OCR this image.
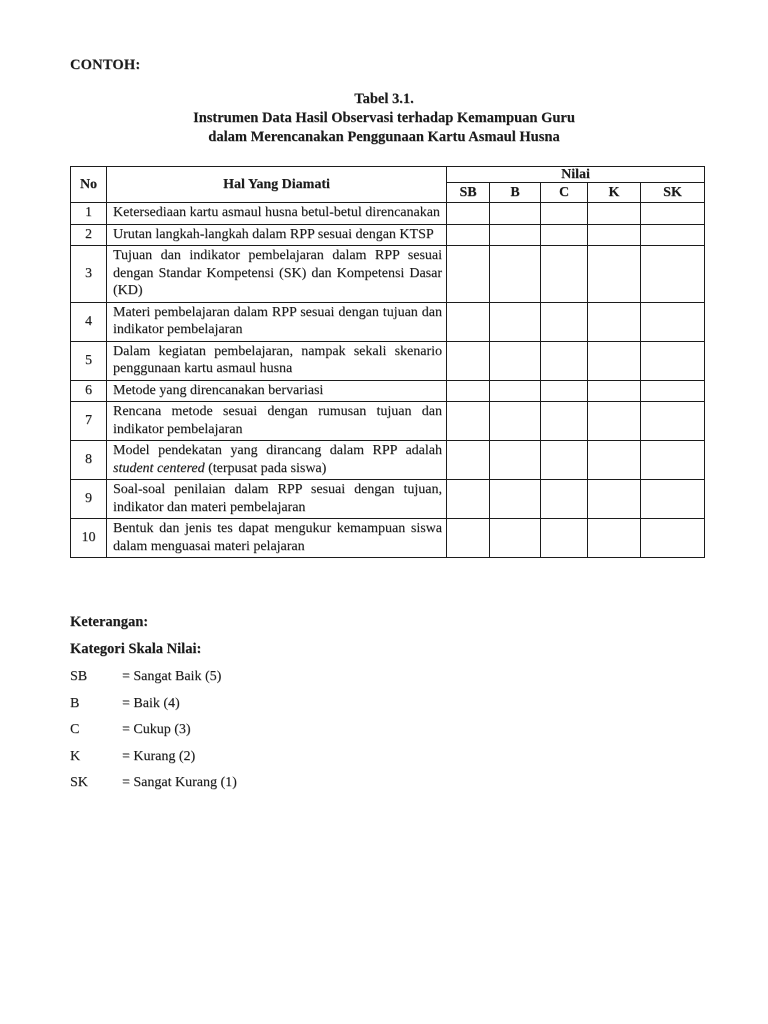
CONTOH:
Tabel 3.1.
Instrumen Data Hasil Observasi terhadap Kemampuan Guru
dalam Merencanakan Penggunaan Kartu Asmaul Husna
No	Hal Yang Diamati	Nilai				
		SB	B	C	K	SK
1	Ketersediaan kartu asmaul husna betul-betul direncanakan					
2	Urutan langkah-langkah dalam RPP sesuai dengan KTSP					
3	Tujuan dan indikator pembelajaran dalam RPP sesuai dengan Standar Kompetensi (SK) dan Kompetensi Dasar (KD)					
4	Materi pembelajaran dalam RPP sesuai dengan tujuan dan indikator pembelajaran					
5	Dalam kegiatan pembelajaran, nampak sekali skenario penggunaan kartu asmaul husna					
6	Metode yang direncanakan bervariasi					
7	Rencana metode sesuai dengan rumusan tujuan dan indikator pembelajaran					
8	Model pendekatan yang dirancang dalam RPP adalah student centered (terpusat pada siswa)					
9	Soal-soal penilaian dalam RPP sesuai dengan tujuan, indikator dan materi pembelajaran					
10	Bentuk dan jenis tes dapat mengukur kemampuan siswa dalam menguasai materi pelajaran					
Keterangan:
Kategori Skala Nilai:
SB	= Sangat Baik (5)
B	= Baik (4)
C	= Cukup (3)
K	= Kurang (2)
SK	= Sangat Kurang (1)
